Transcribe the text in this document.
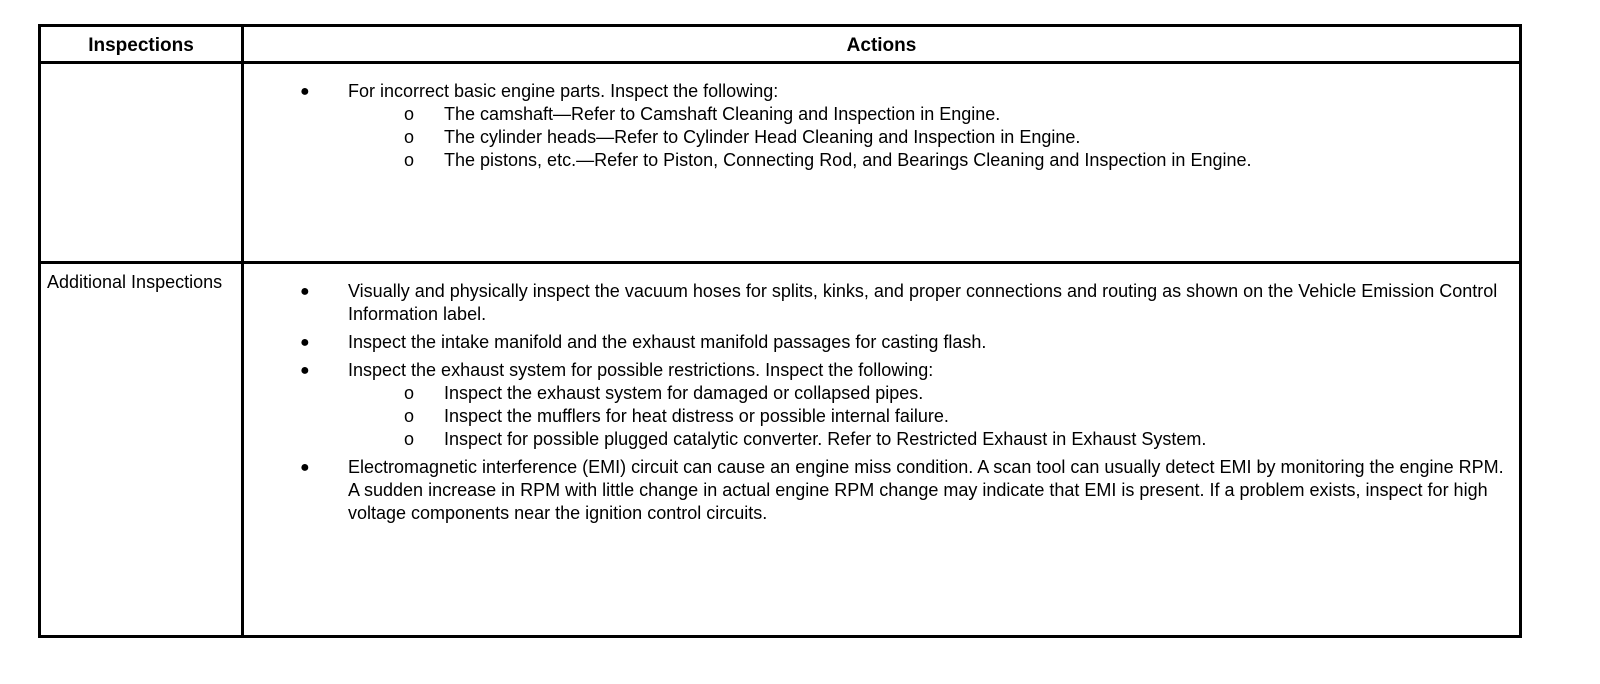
Inspections	Actions
● For incorrect basic engine parts. Inspect the following:
o The camshaft—Refer to Camshaft Cleaning and Inspection in Engine.
o The cylinder heads—Refer to Cylinder Head Cleaning and Inspection in Engine.
o The pistons, etc.—Refer to Piston, Connecting Rod, and Bearings Cleaning and Inspection in Engine.
Additional Inspections	● Visually and physically inspect the vacuum hoses for splits, kinks, and proper connections and routing as shown on the Vehicle Emission Control Information label.
● Inspect the intake manifold and the exhaust manifold passages for casting flash.
● Inspect the exhaust system for possible restrictions. Inspect the following:
o Inspect the exhaust system for damaged or collapsed pipes.
o Inspect the mufflers for heat distress or possible internal failure.
o Inspect for possible plugged catalytic converter. Refer to Restricted Exhaust in Exhaust System.
● Electromagnetic interference (EMI) circuit can cause an engine miss condition. A scan tool can usually detect EMI by monitoring the engine RPM. A sudden increase in RPM with little change in actual engine RPM change may indicate that EMI is present. If a problem exists, inspect for high voltage components near the ignition control circuits.
